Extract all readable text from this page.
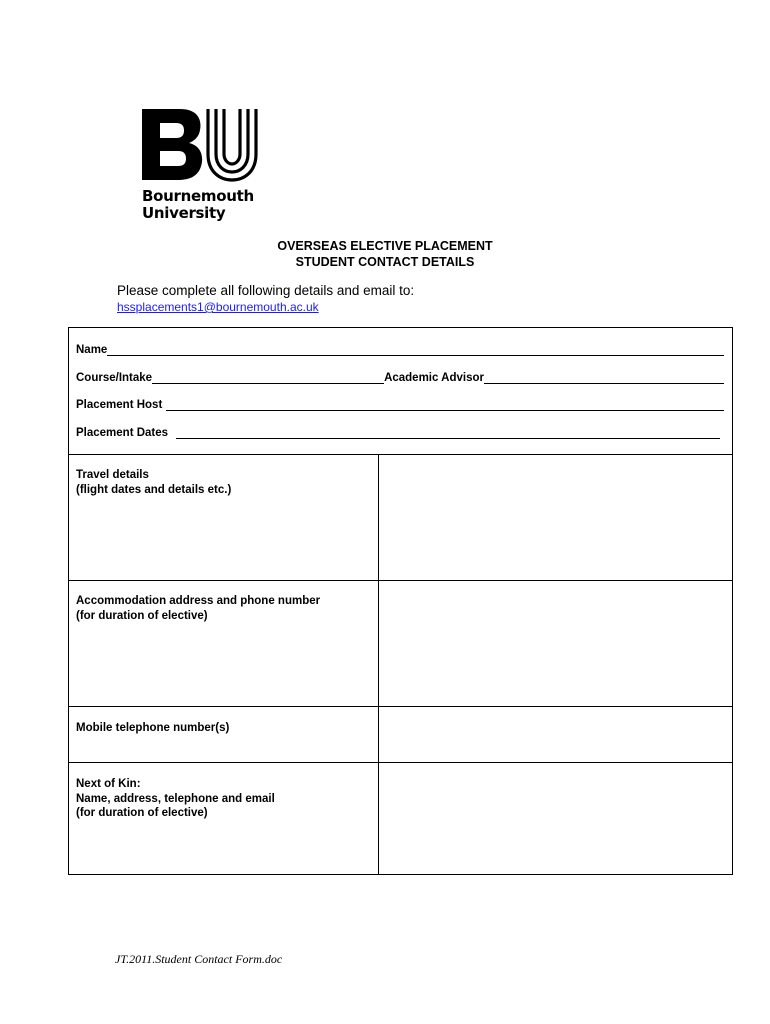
Bournemouth
University
OVERSEAS ELECTIVE PLACEMENT
STUDENT CONTACT DETAILS
Please complete all following details and email to:
hssplacements1@bournemouth.ac.uk
Name
Course/Intake	Academic Advisor
Placement Host
Placement Dates
Travel details
(flight dates and details etc.)
Accommodation address and phone number
(for duration of elective)
Mobile telephone number(s)
Next of Kin:
Name, address, telephone and email
(for duration of elective)
JT.2011.Student Contact Form.doc
